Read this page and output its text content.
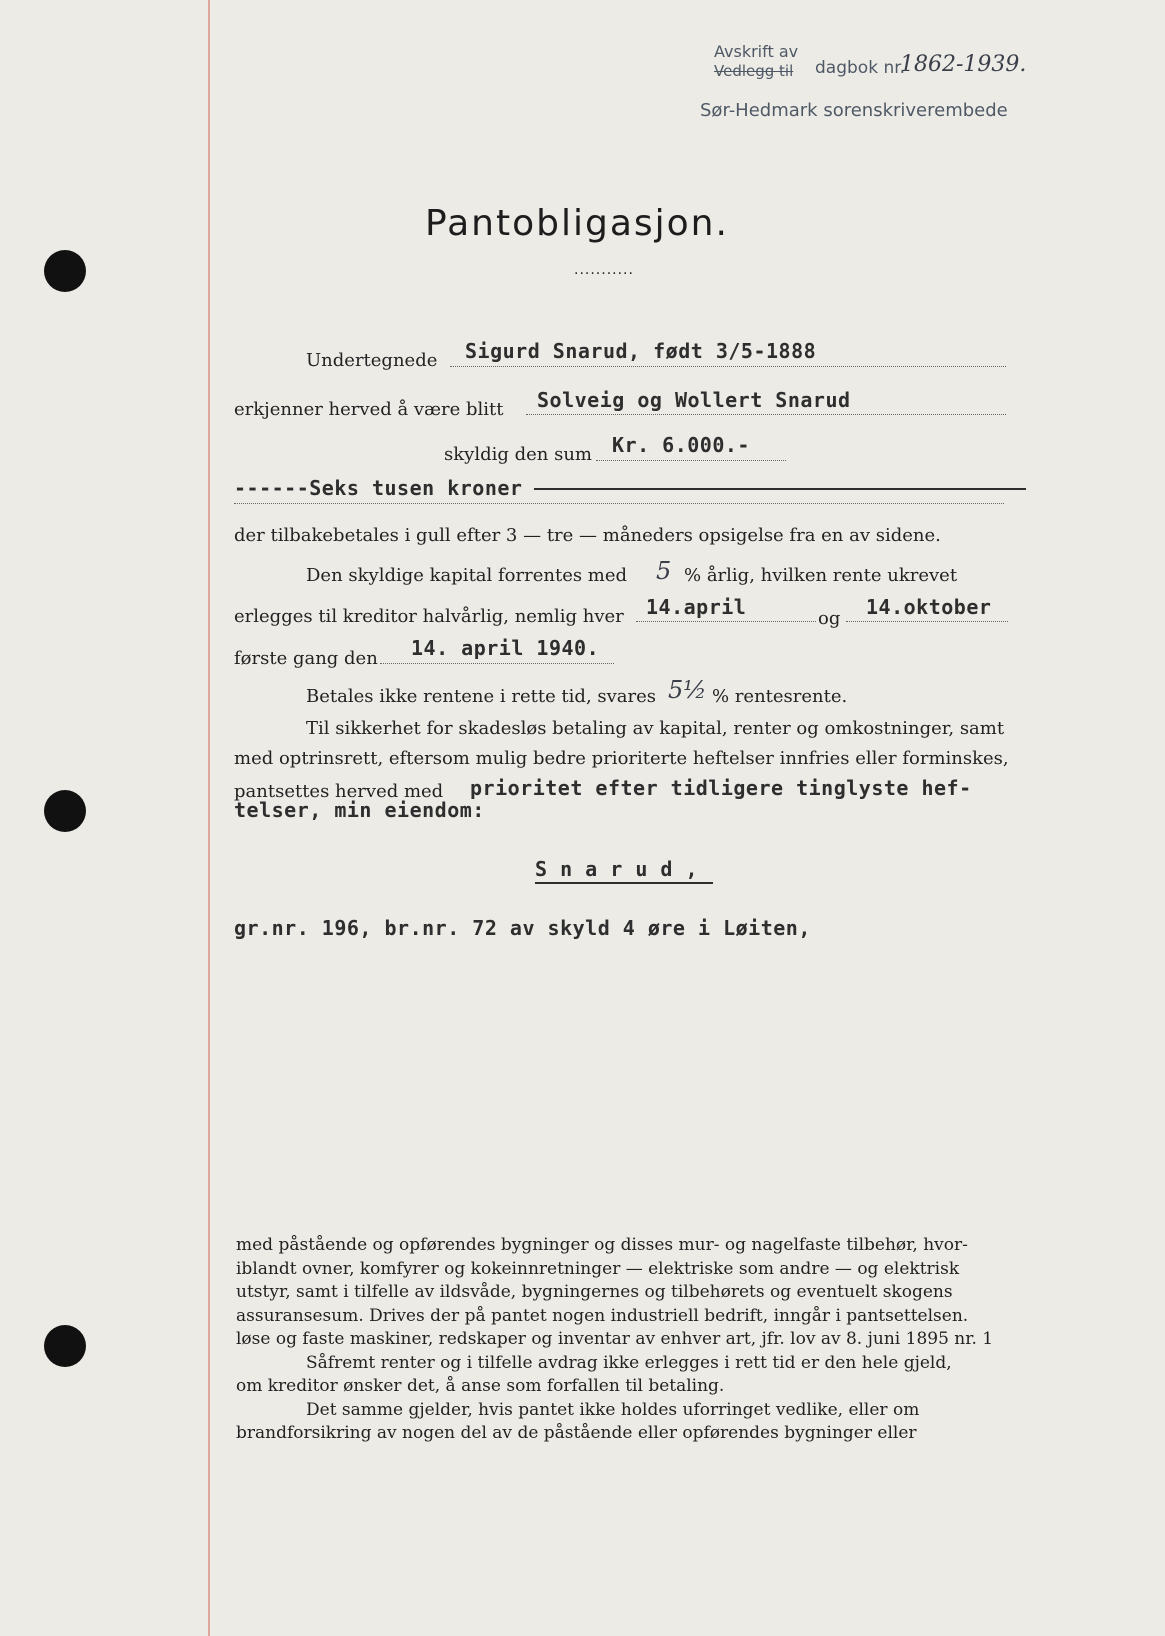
Avskrift av
Vedlegg til dagbok nr.
1862-1939.
Sør-Hedmark sorenskriverembede
Pantobligasjon.
...........
Undertegnede Sigurd Snarud, født 3/5-1888
erkjenner herved å være blitt Solveig og Wollert Snarud
skyldig den sum Kr. 6.000.-
------Seks tusen kroner
der tilbakebetales i gull efter 3 — tre — måneders opsigelse fra en av sidene.
Den skyldige kapital forrentes med 5 % årlig, hvilken rente ukrevet
erlegges til kreditor halvårlig, nemlig hver 14.april	og 14.oktober
første gang den 14. april 1940.
Betales ikke rentene i rette tid, svares 5½ % rentesrente.
Til sikkerhet for skadesløs betaling av kapital, renter og omkostninger, samt
med optrinsrett, eftersom mulig bedre prioriterte heftelser innfries eller forminskes,
pantsettes herved med prioritet efter tidligere tinglyste hef-
telser, min eiendom:
S n a r u d ,
gr.nr. 196, br.nr. 72 av skyld 4 øre i Løiten,

med påstående og opførendes bygninger og disses mur- og nagelfaste tilbehør, hvor-

iblandt ovner, komfyrer og kokeinnretninger — elektriske som andre — og elektrisk

utstyr, samt i tilfelle av ildsvåde, bygningernes og tilbehørets og eventuelt skogens

assuransesum. Drives der på pantet nogen industriell bedrift, inngår i pantsettelsen.

løse og faste maskiner, redskaper og inventar av enhver art, jfr. lov av 8. juni 1895 nr. 1

Såfremt renter og i tilfelle avdrag ikke erlegges i rett tid er den hele gjeld,

om kreditor ønsker det, å anse som forfallen til betaling.

Det samme gjelder, hvis pantet ikke holdes uforringet vedlike, eller om

brandforsikring av nogen del av de påstående eller opførendes bygninger eller
